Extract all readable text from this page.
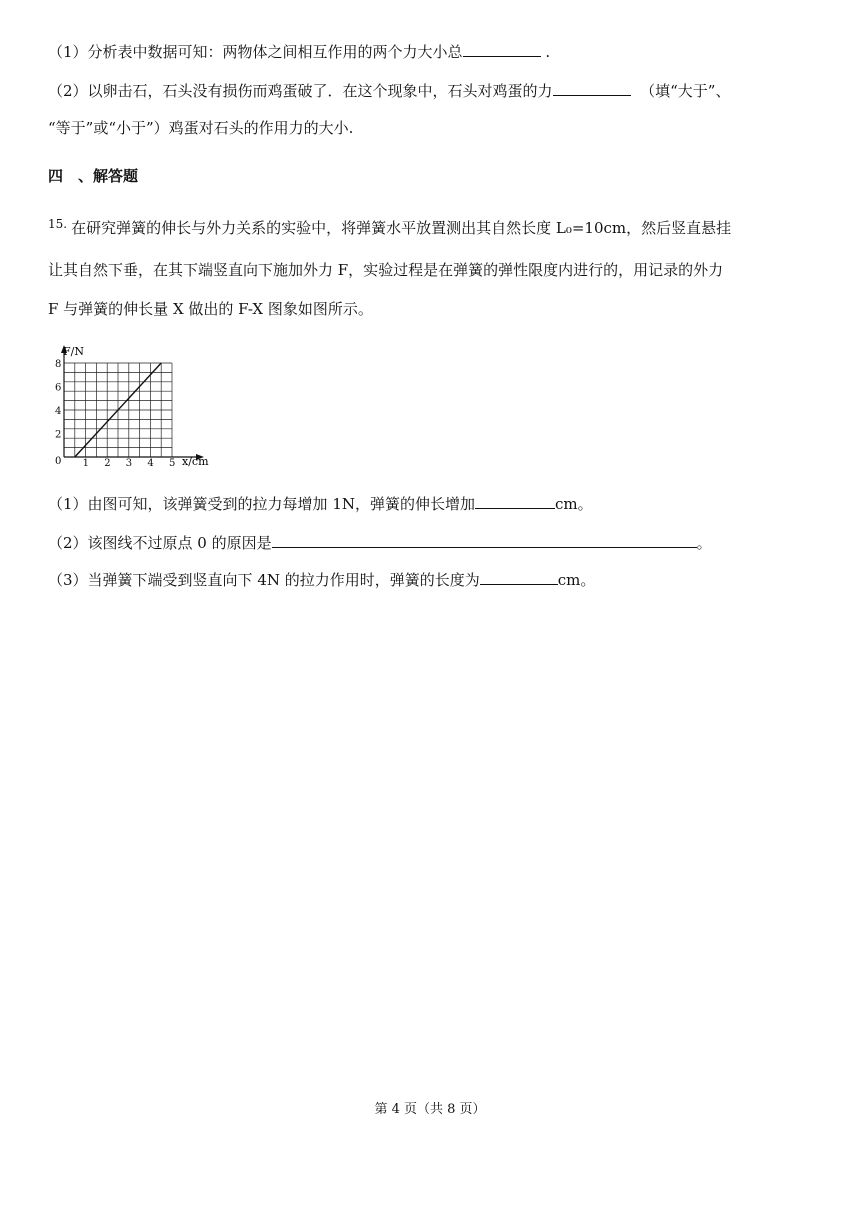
（1）分析表中数据可知：两物体之间相互作用的两个力大小总	.
（2）以卵击石，石头没有损伤而鸡蛋破了．在这个现象中，石头对鸡蛋的力	（填“大于”、
“等于”或“小于”）鸡蛋对石头的作用力的大小.
四　、解答题
$^{15.}$ 在研究弹簧的伸长与外力关系的实验中，将弹簧水平放置测出其自然长度 L₀=10cm，然后竖直悬挂
让其自然下垂，在其下端竖直向下施加外力 F，实验过程是在弹簧的弹性限度内进行的，用记录的外力
F 与弹簧的伸长量 X 做出的 F-X 图象如图所示。
1 2 3 4 5
2
4
6
8
F/N
x/cm
0
（1）由图可知，该弹簧受到的拉力每增加 1N，弹簧的伸长增加	cm。
（2）该图线不过原点 0 的原因是	。
（3）当弹簧下端受到竖直向下 4N 的拉力作用时，弹簧的长度为	cm。
第 4 页（共 8 页）
